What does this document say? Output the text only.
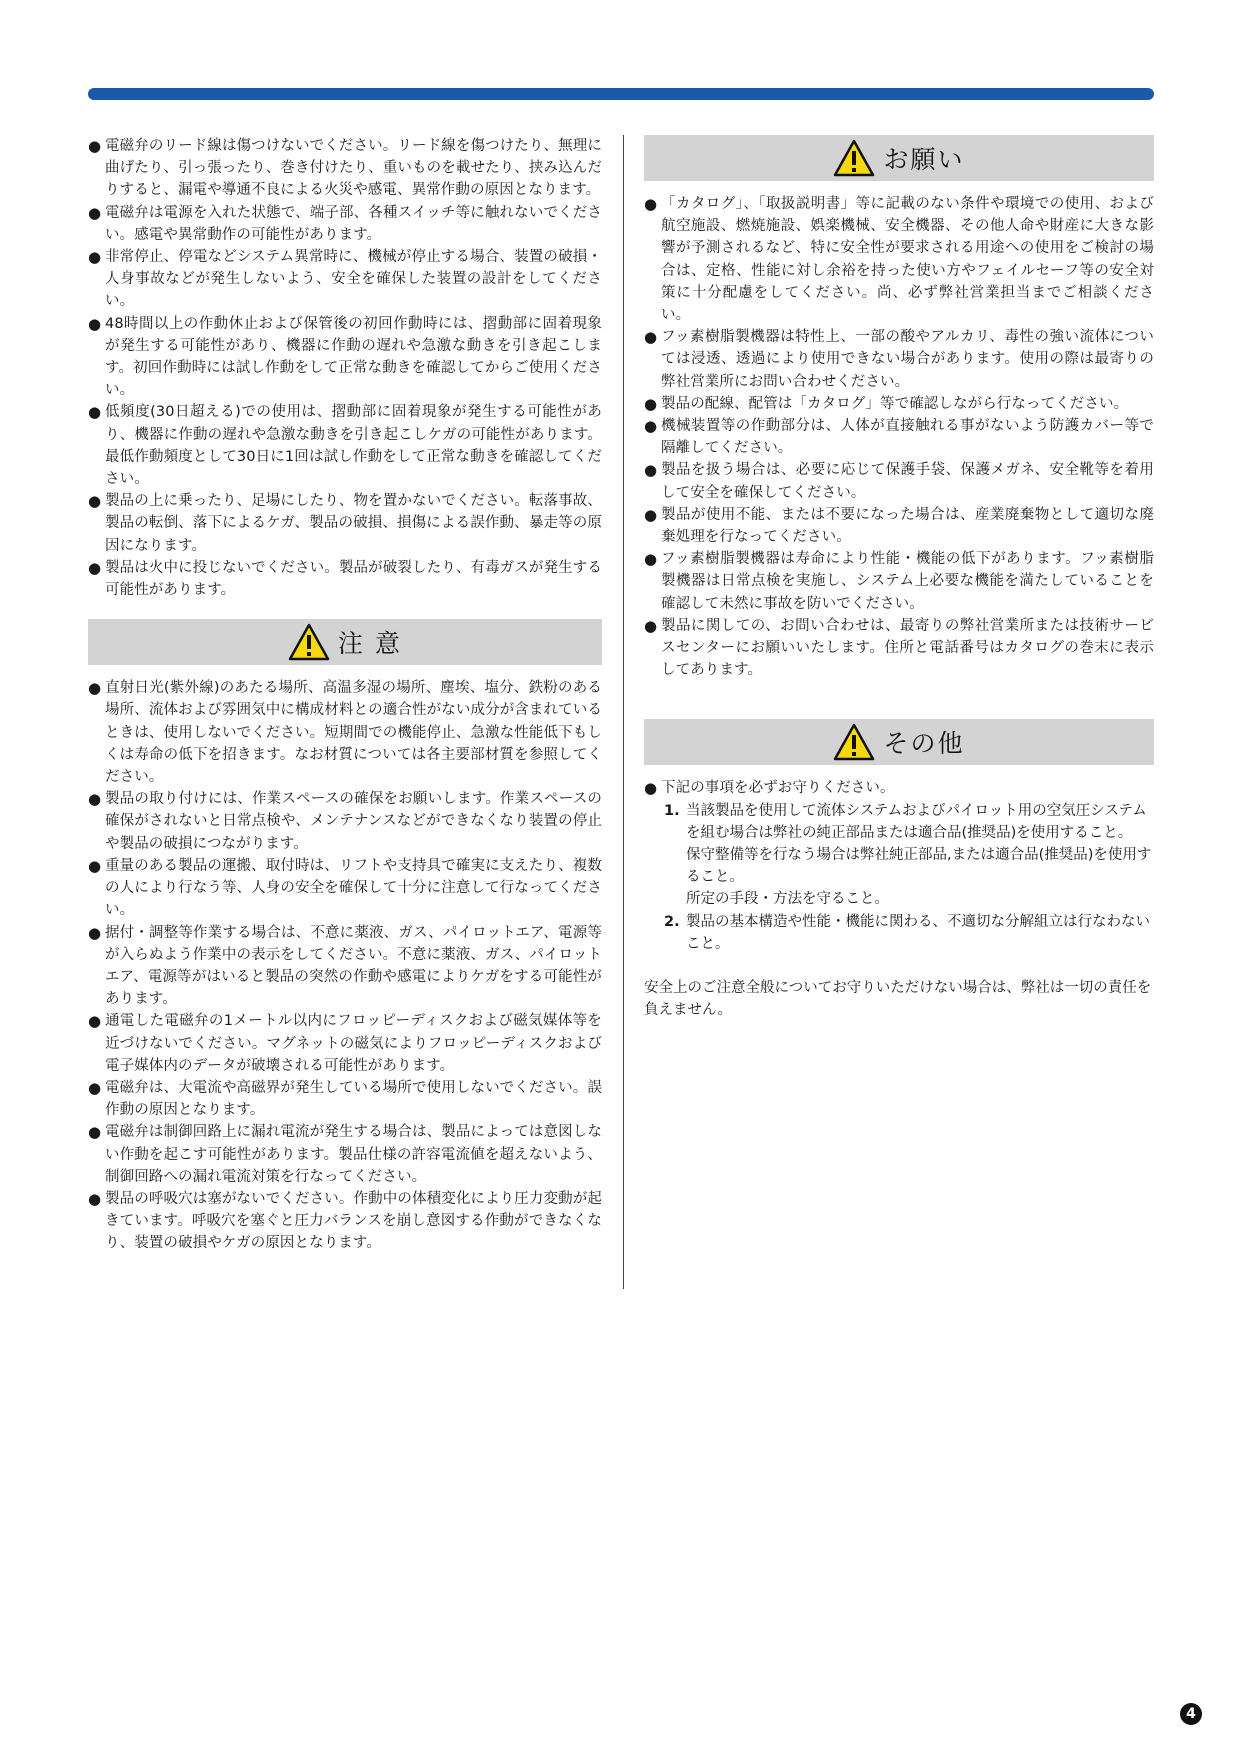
● 電磁弁のリード線は傷つけないでください。リード線を傷つけたり、無理に曲げたり、引っ張ったり、巻き付けたり、重いものを載せたり、挟み込んだりすると、漏電や導通不良による火災や感電、異常作動の原因となります。
● 電磁弁は電源を入れた状態で、端子部、各種スイッチ等に触れないでください。感電や異常動作の可能性があります。
● 非常停止、停電などシステム異常時に、機械が停止する場合、装置の破損・人身事故などが発生しないよう、安全を確保した装置の設計をしてください。
● 48時間以上の作動休止および保管後の初回作動時には、摺動部に固着現象が発生する可能性があり、機器に作動の遅れや急激な動きを引き起こします。初回作動時には試し作動をして正常な動きを確認してからご使用ください。
● 低頻度(30日超える)での使用は、摺動部に固着現象が発生する可能性があり、機器に作動の遅れや急激な動きを引き起こしケガの可能性があります。最低作動頻度として30日に1回は試し作動をして正常な動きを確認してください。
● 製品の上に乗ったり、足場にしたり、物を置かないでください。転落事故、製品の転倒、落下によるケガ、製品の破損、損傷による誤作動、暴走等の原因になります。
● 製品は火中に投じないでください。製品が破裂したり、有毒ガスが発生する可能性があります。
注 意
● 直射日光(紫外線)のあたる場所、高温多湿の場所、塵埃、塩分、鉄粉のある場所、流体および雰囲気中に構成材料との適合性がない成分が含まれているときは、使用しないでください。短期間での機能停止、急激な性能低下もしくは寿命の低下を招きます。なお材質については各主要部材質を参照してください。
● 製品の取り付けには、作業スペースの確保をお願いします。作業スペースの確保がされないと日常点検や、メンテナンスなどができなくなり装置の停止や製品の破損につながります。
● 重量のある製品の運搬、取付時は、リフトや支持具で確実に支えたり、複数の人により行なう等、人身の安全を確保して十分に注意して行なってください。
● 据付・調整等作業する場合は、不意に薬液、ガス、パイロットエア、電源等が入らぬよう作業中の表示をしてください。不意に薬液、ガス、パイロットエア、電源等がはいると製品の突然の作動や感電によりケガをする可能性があります。
● 通電した電磁弁の1メートル以内にフロッピーディスクおよび磁気媒体等を近づけないでください。マグネットの磁気によりフロッピーディスクおよび電子媒体内のデータが破壊される可能性があります。
● 電磁弁は、大電流や高磁界が発生している場所で使用しないでください。誤作動の原因となります。
● 電磁弁は制御回路上に漏れ電流が発生する場合は、製品によっては意図しない作動を起こす可能性があります。製品仕様の許容電流値を超えないよう、制御回路への漏れ電流対策を行なってください。
● 製品の呼吸穴は塞がないでください。作動中の体積変化により圧力変動が起きています。呼吸穴を塞ぐと圧力バランスを崩し意図する作動ができなくなり、装置の破損やケガの原因となります。
お願い
● 「カタログ」、「取扱説明書」等に記載のない条件や環境での使用、および航空施設、燃焼施設、娯楽機械、安全機器、その他人命や財産に大きな影響が予測されるなど、特に安全性が要求される用途への使用をご検討の場合は、定格、性能に対し余裕を持った使い方やフェイルセーフ等の安全対策に十分配慮をしてください。尚、必ず弊社営業担当までご相談ください。
● フッ素樹脂製機器は特性上、一部の酸やアルカリ、毒性の強い流体については浸透、透過により使用できない場合があります。使用の際は最寄りの弊社営業所にお問い合わせください。
● 製品の配線、配管は「カタログ」等で確認しながら行なってください。
● 機械装置等の作動部分は、人体が直接触れる事がないよう防護カバー等で隔離してください。
● 製品を扱う場合は、必要に応じて保護手袋、保護メガネ、安全靴等を着用して安全を確保してください。
● 製品が使用不能、または不要になった場合は、産業廃棄物として適切な廃棄処理を行なってください。
● フッ素樹脂製機器は寿命により性能・機能の低下があります。フッ素樹脂製機器は日常点検を実施し、システム上必要な機能を満たしていることを確認して未然に事故を防いでください。
● 製品に関しての、お問い合わせは、最寄りの弊社営業所または技術サービスセンターにお願いいたします。住所と電話番号はカタログの巻末に表示してあります。
その他
● 下記の事項を必ずお守りください。
1. 当該製品を使用して流体システムおよびパイロット用の空気圧システムを組む場合は弊社の純正部品または適合品(推奨品)を使用すること。
保守整備等を行なう場合は弊社純正部品,または適合品(推奨品)を使用すること。
所定の手段・方法を守ること。
2. 製品の基本構造や性能・機能に関わる、不適切な分解組立は行なわないこと。
安全上のご注意全般についてお守りいただけない場合は、弊社は一切の責任を負えません。
4
